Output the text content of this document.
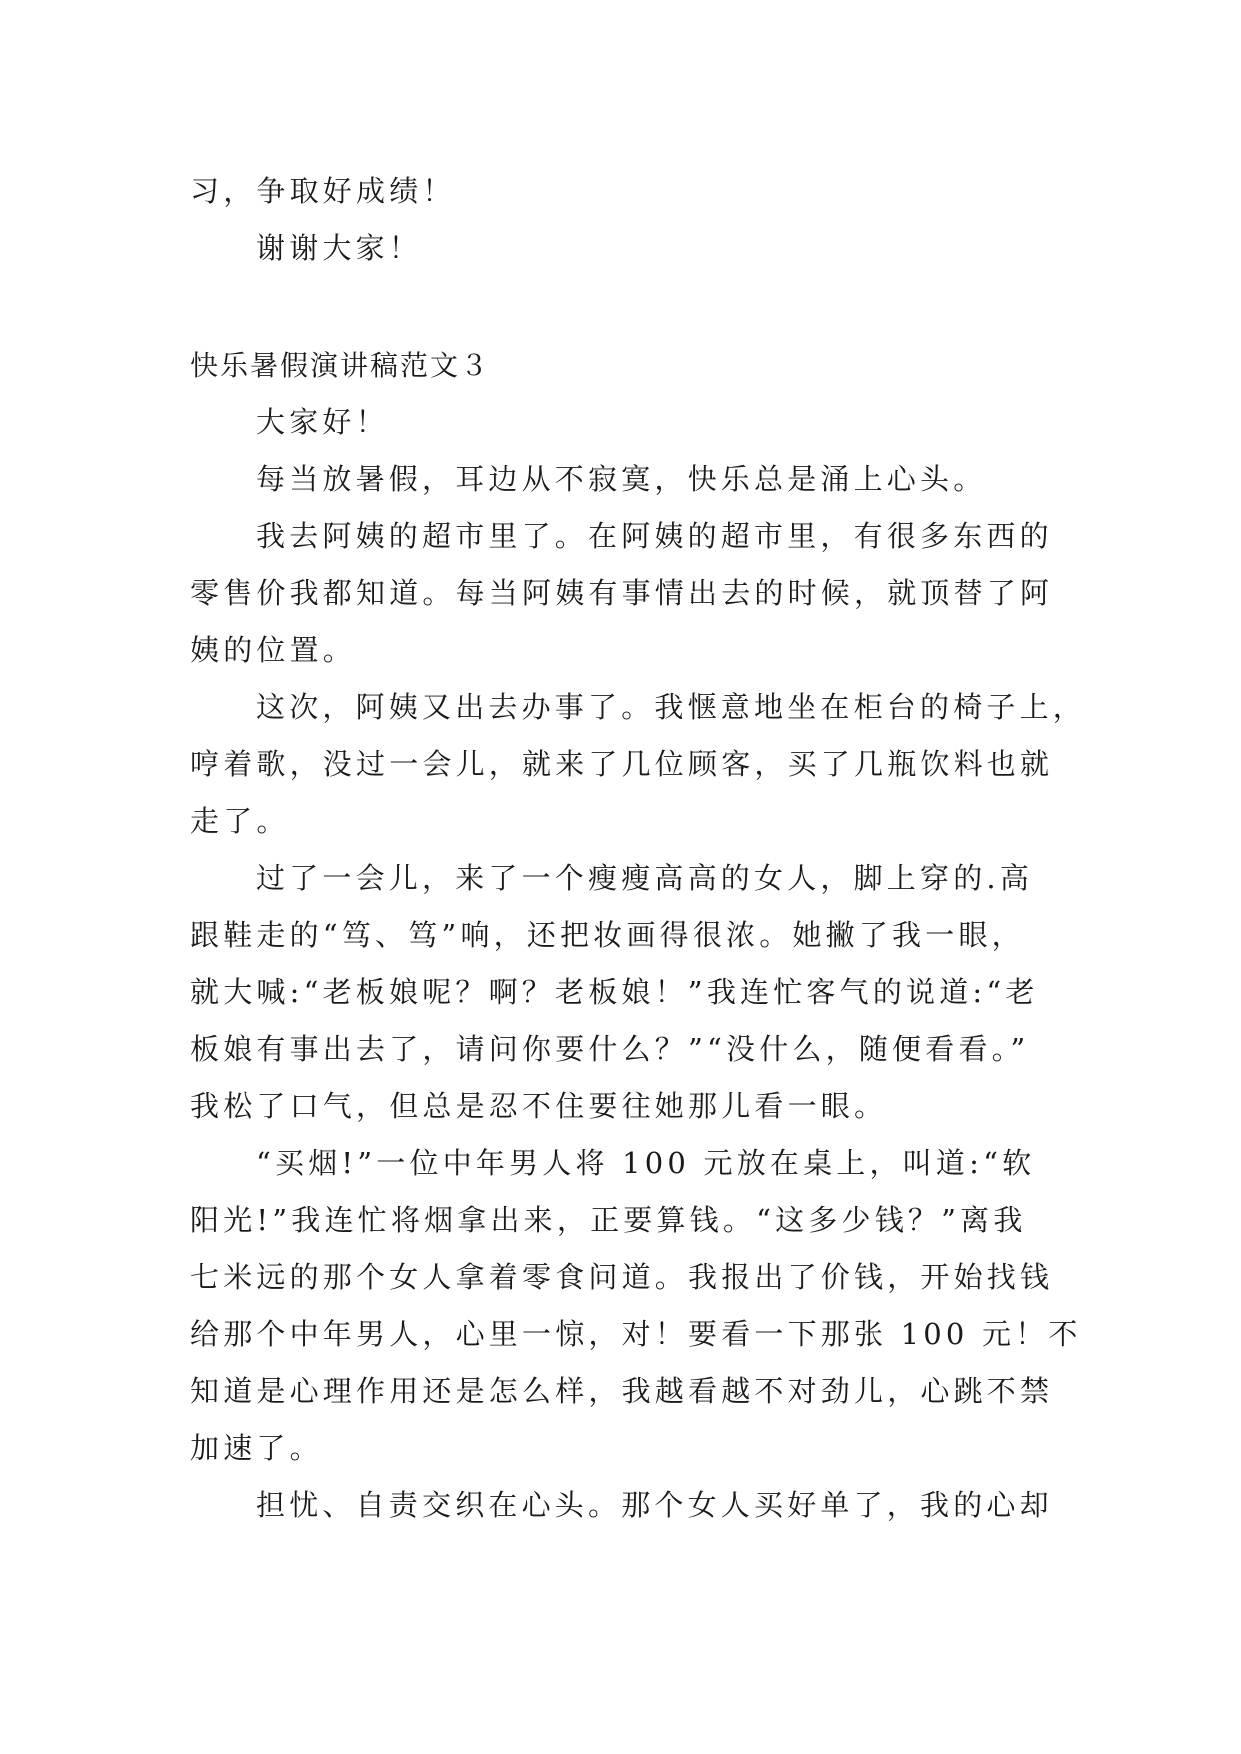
习，争取好成绩！

谢谢大家！

快乐暑假演讲稿范文３

大家好！

每当放暑假，耳边从不寂寞，快乐总是涌上心头。

我去阿姨的超市里了。在阿姨的超市里，有很多东西的

零售价我都知道。每当阿姨有事情出去的时候，就顶替了阿

姨的位置。

这次，阿姨又出去办事了。我惬意地坐在柜台的椅子上，

哼着歌，没过一会儿，就来了几位顾客，买了几瓶饮料也就

走了。

过了一会儿，来了一个瘦瘦高高的女人，脚上穿的.高

跟鞋走的“笃、笃”响，还把妆画得很浓。她撇了我一眼，

就大喊:“老板娘呢？啊？老板娘！”我连忙客气的说道:“老

板娘有事出去了，请问你要什么？”“没什么，随便看看。”

我松了口气，但总是忍不住要往她那儿看一眼。

“买烟!”一位中年男人将 100 元放在桌上，叫道:“软

阳光!”我连忙将烟拿出来，正要算钱。“这多少钱？”离我

七米远的那个女人拿着零食问道。我报出了价钱，开始找钱

给那个中年男人，心里一惊，对！要看一下那张 100 元！不

知道是心理作用还是怎么样，我越看越不对劲儿，心跳不禁

加速了。

担忧、自责交织在心头。那个女人买好单了，我的心却
